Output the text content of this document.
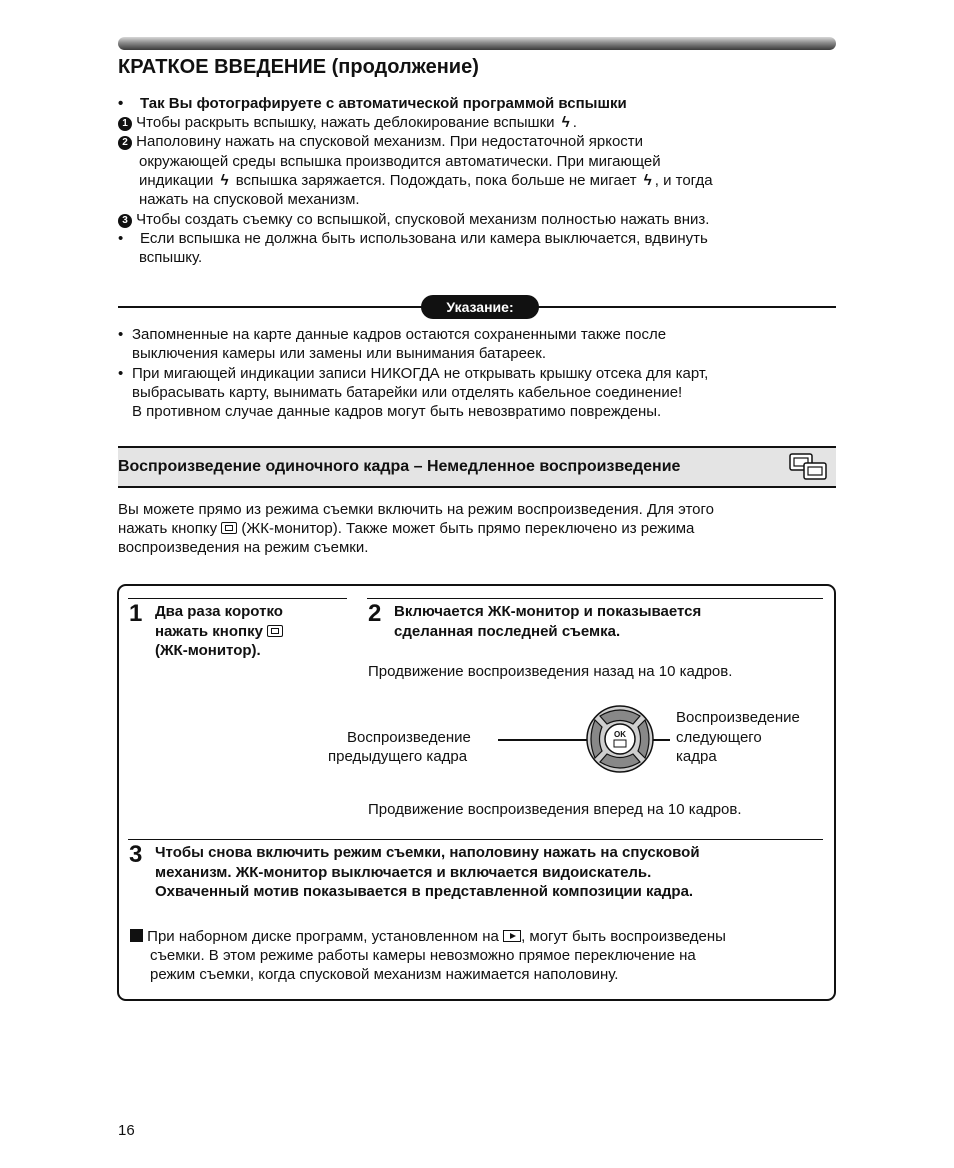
КРАТКОЕ ВВЕДЕНИЕ (продолжение)
• Так Вы фотографируете с автоматической программой вспышки
1 Чтобы раскрыть вспышку, нажать деблокирование вспышки ϟ .
2 Наполовину нажать на спусковой механизм. При недостаточной яркости
окружающей среды вспышка производится автоматически. При мигающей
индикации ϟ вспышка заряжается. Подождать, пока больше не мигает ϟ , и тогда
нажать на спусковой механизм.
3 Чтобы создать съемку со вспышкой, спусковой механизм полностью нажать вниз.
• Если вспышка не должна быть использована или камера выключается, вдвинуть
вспышку.
Указание:
• Запомненные на карте данные кадров остаются сохраненными также после
выключения камеры или замены или вынимания батареек.
• При мигающей индикации записи НИКОГДА не открывать крышку отсека для карт,
выбрасывать карту, вынимать батарейки или отделять кабельное соединение!
В противном случае данные кадров могут быть невозвратимо повреждены.
Воспроизведение одиночного кадра – Немедленное воспроизведение
Вы можете прямо из режима съемки включить на режим воспроизведения. Для этого
нажать кнопку (ЖК-монитор). Также может быть прямо переключено из режима
воспроизведения на режим съемки.
1 Два раза коротко
нажать кнопку
(ЖК-монитор).
2 Включается ЖК-монитор и показывается
сделанная последней съемка.
Продвижение воспроизведения назад на 10 кадров.
Воспроизведение
предыдущего кадра
Воспроизведение
следующего
кадра
Продвижение воспроизведения вперед на 10 кадров.
OK
3 Чтобы снова включить режим съемки, наполовину нажать на спусковой
механизм. ЖК-монитор выключается и включается видоискатель.
Охваченный мотив показывается в представленной композиции кадра.
При наборном диске программ, установленном на , могут быть воспроизведены
съемки. В этом режиме работы камеры невозможно прямое переключение на
режим съемки, когда спусковой механизм нажимается наполовину.
16
